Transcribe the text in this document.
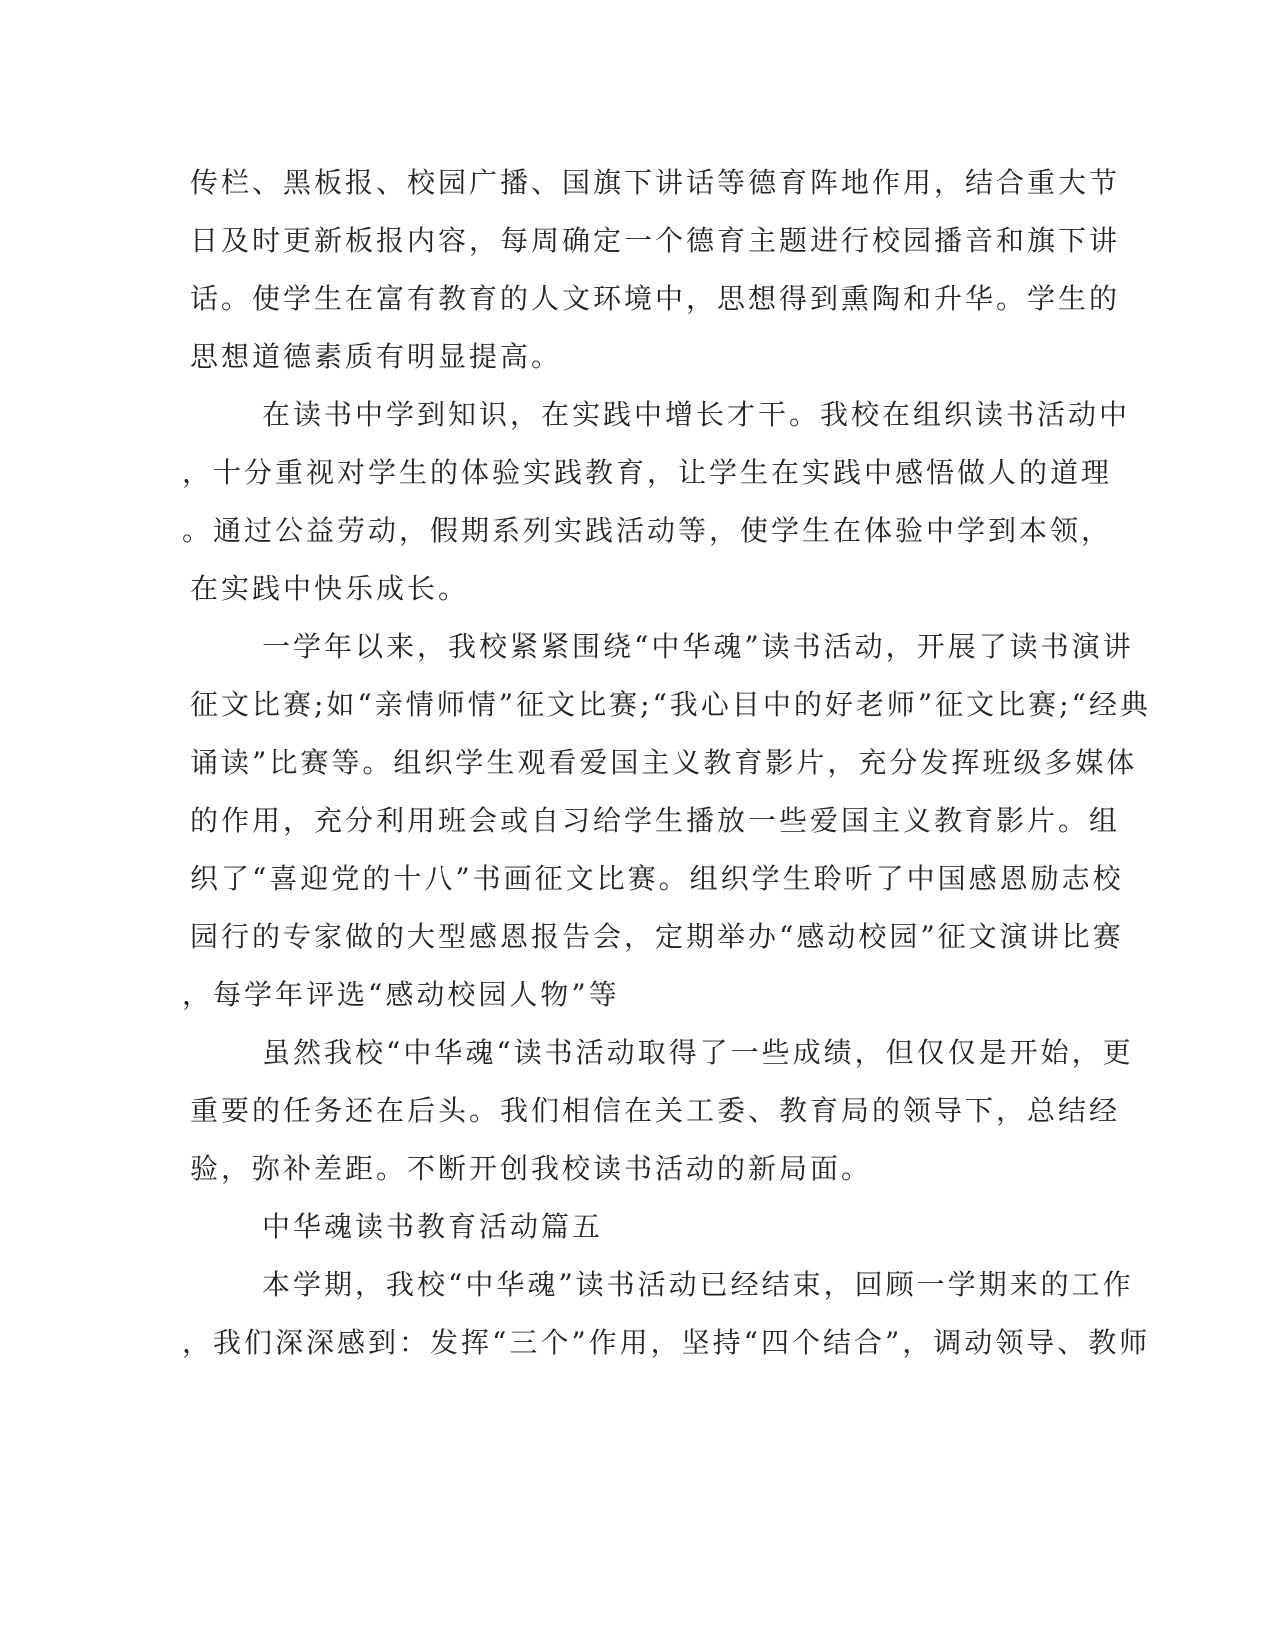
传栏、黑板报、校园广播、国旗下讲话等德育阵地作用，结合重大节
日及时更新板报内容，每周确定一个德育主题进行校园播音和旗下讲
话。使学生在富有教育的人文环境中，思想得到熏陶和升华。学生的
思想道德素质有明显提高。
在读书中学到知识，在实践中增长才干。我校在组织读书活动中
，十分重视对学生的体验实践教育，让学生在实践中感悟做人的道理
。通过公益劳动，假期系列实践活动等，使学生在体验中学到本领，
在实践中快乐成长。
一学年以来，我校紧紧围绕“中华魂”读书活动，开展了读书演讲
征文比赛;如“亲情师情”征文比赛;“我心目中的好老师”征文比赛;“经典
诵读”比赛等。组织学生观看爱国主义教育影片，充分发挥班级多媒体
的作用，充分利用班会或自习给学生播放一些爱国主义教育影片。组
织了“喜迎党的十八”书画征文比赛。组织学生聆听了中国感恩励志校
园行的专家做的大型感恩报告会，定期举办“感动校园”征文演讲比赛
，每学年评选“感动校园人物”等
虽然我校“中华魂“读书活动取得了一些成绩，但仅仅是开始，更
重要的任务还在后头。我们相信在关工委、教育局的领导下，总结经
验，弥补差距。不断开创我校读书活动的新局面。
中华魂读书教育活动篇五
本学期，我校“中华魂”读书活动已经结束，回顾一学期来的工作
，我们深深感到：发挥“三个”作用，坚持“四个结合”，调动领导、教师
